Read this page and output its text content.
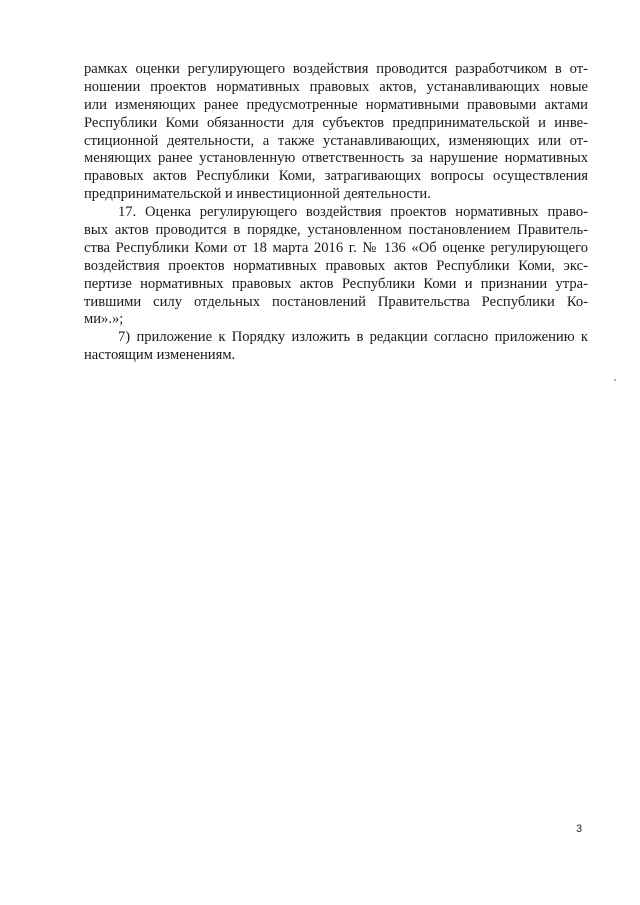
рамках оценки регулирующего воздействия проводится разработчиком в от-
ношении проектов нормативных правовых актов, устанавливающих новые
или изменяющих ранее предусмотренные нормативными правовыми актами
Республики Коми обязанности для субъектов предпринимательской и инве-
стиционной деятельности, а также устанавливающих, изменяющих или от-
меняющих ранее установленную ответственность за нарушение нормативных
правовых актов Республики Коми, затрагивающих вопросы осуществления
предпринимательской и инвестиционной деятельности.
17. Оценка регулирующего воздействия проектов нормативных право-
вых актов проводится в порядке, установленном постановлением Правитель-
ства Республики Коми от 18 марта 2016 г. № 136 «Об оценке регулирующего
воздействия проектов нормативных правовых актов Республики Коми, экс-
пертизе нормативных правовых актов Республики Коми и признании утра-
тившими силу отдельных постановлений Правительства Республики Ко-
ми».»;
7) приложение к Порядку изложить в редакции согласно приложению к
настоящим изменениям.
3
